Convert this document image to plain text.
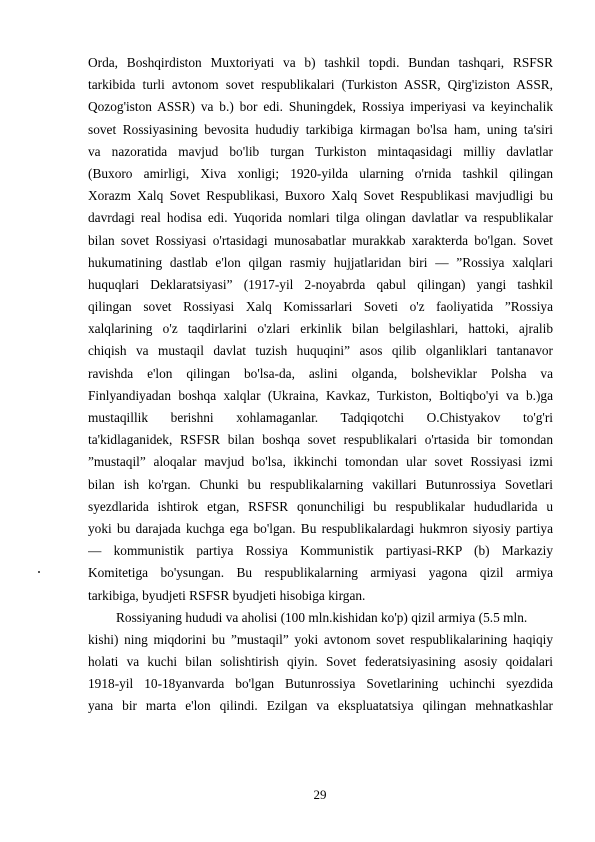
Orda, Boshqirdiston Muxtoriyati va b) tashkil topdi. Bundan tashqari, RSFSR
tarkibida turli avtonom sovet respublikalari (Turkiston ASSR, Qirg'iziston ASSR,
Qozog'iston ASSR) va b.) bor edi. Shuningdek, Rossiya imperiyasi va keyinchalik
sovet Rossiyasining bevosita hududiy tarkibiga kirmagan bo'lsa ham, uning ta'siri
va nazoratida mavjud bo'lib turgan Turkiston mintaqasidagi milliy davlatlar
(Buxoro amirligi, Xiva xonligi; 1920-yilda ularning o'rnida tashkil qilingan
Xorazm Xalq Sovet Respublikasi, Buxoro Xalq Sovet Respublikasi mavjudligi bu
davrdagi real hodisa edi. Yuqorida nomlari tilga olingan davlatlar va respublikalar
bilan sovet Rossiyasi o'rtasidagi munosabatlar murakkab xarakterda bo'lgan. Sovet
hukumatining dastlab e'lon qilgan rasmiy hujjatlaridan biri — ”Rossiya xalqlari
huquqlari Deklaratsiyasi” (1917-yil 2-noyabrda qabul qilingan) yangi tashkil
qilingan sovet Rossiyasi Xalq Komissarlari Soveti o'z faoliyatida ”Rossiya
xalqlarining o'z taqdirlarini o'zlari erkinlik bilan belgilashlari, hattoki, ajralib
chiqish va mustaqil davlat tuzish huquqini” asos qilib olganliklari tantanavor
ravishda e'lon qilingan bo'lsa-da, aslini olganda, bolsheviklar Polsha va
Finlyandiyadan boshqa xalqlar (Ukraina, Kavkaz, Turkiston, Boltiqbo'yi va b.)ga
mustaqillik berishni xohlamaganlar. Tadqiqotchi O.Chistyakov to'g'ri
ta'kidlaganidek, RSFSR bilan boshqa sovet respublikalari o'rtasida bir tomondan
”mustaqil” aloqalar mavjud bo'lsa, ikkinchi tomondan ular sovet Rossiyasi izmi
bilan ish ko'rgan. Chunki bu respublikalarning vakillari Butunrossiya Sovetlari
syezdlarida ishtirok etgan, RSFSR qonunchiligi bu respublikalar hududlarida u
yoki bu darajada kuchga ega bo'lgan. Bu respublikalardagi hukmron siyosiy partiya
— kommunistik partiya Rossiya Kommunistik partiyasi-RKP (b) Markaziy
Komitetiga bo'ysungan. Bu respublikalarning armiyasi yagona qizil armiya
tarkibiga, byudjeti RSFSR byudjeti hisobiga kirgan.
Rossiyaning hududi va aholisi (100 mln.kishidan ko'p) qizil armiya (5.5 mln.
kishi) ning miqdorini bu ”mustaqil” yoki avtonom sovet respublikalarining haqiqiy
holati va kuchi bilan solishtirish qiyin. Sovet federatsiyasining asosiy qoidalari
1918-yil 10-18yanvarda bo'lgan Butunrossiya Sovetlarining uchinchi syezdida
yana bir marta e'lon qilindi. Ezilgan va ekspluatatsiya qilingan mehnatkashlar
29
